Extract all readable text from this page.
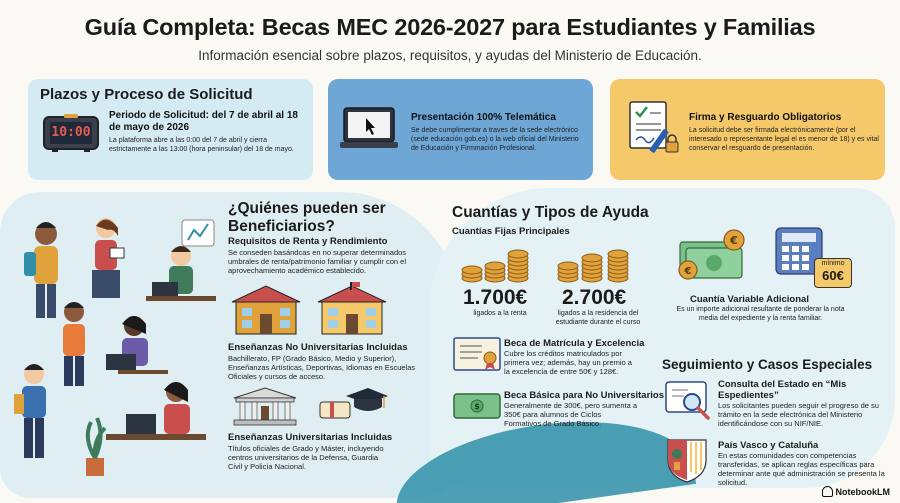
Guía Completa: Becas MEC 2026-2027 para Estudiantes y Familias
Información esencial sobre plazos, requisitos, y ayudas del Ministerio de Educación.
Plazos y Proceso de Solicitud
10:00
Periodo de Solicitud: del 7 de abril al 18 de mayo de 2026
La plataforma abre a las 0:00 del 7 de abril y cierra estrictamente a las 13:00 (hora peninsular) del 18 de mayo.
Presentación 100% Telemática
Se debe cumplimentar a traves de la sede electrónico (sede educación gob.es) o la web oficial del Ministerio de Educación y Firmmación Profesional.
Firma y Resguardo Obligatorios
La solicitud debe ser firmada electrónicamente (por el interesado o representante legal el es menor de 18) y es vital conservar el resguardo de presentación.
¿Quiénes pueden ser Beneficiarios?
Requisitos de Renta y Rendimiento
Se conseden basándcas en no superar determinados umbrales de renta/patrimonio familiar y cumplir con el aprovechamiento académico establecido.
Enseñanzas No Universitarias Incluidas
Bachillerato, FP (Grado Básico, Medio y Superior), Enseñanzas Artísticas, Deportivas, Idiomas en Escuelas Oficiales y cursos de acceso.
Enseñanzas Universitarias Incluidas
Títulos oficiales de Grado y Máster, incluyendo centros universitarios de la Defensa, Guardia Civil y Policía Nacional.
Cuantías y Tipos de Ayuda
Cuantías Fijas Principales
1.700€
ligados a la renta
2.700€
ligados a la residencia del estudiante durante el curso
€
€
mínimo
60€
Cuantía Variable Adicional
Es un importe adicional resultante de ponderar la nota media del expediente y la renta familiar.
Beca de Matrícula y Excelencia
Cubre los créditos matriculados por primera vez; además, hay un premio a la excelencia de entre 50€ y 128€.
$
Beca Básica para No Universitarios
Generalmente de 300€, pero sumenta a 350€ para alumnos de Ciclos Formativos de Grado Básico.
Seguimiento y Casos Especiales
Consulta del Estado en “Mis Espedientes”
Los solicitantes pueden seguir el progreso de su trámito en la sede electrónica del Ministerio identificándose con su NIF/NIE.
País Vasco y Cataluña
En estas comunidades con competencias transferidas, se aplican reglas específicas para determinar ante qué administración se presenta la solicitud.
NotebookLM
